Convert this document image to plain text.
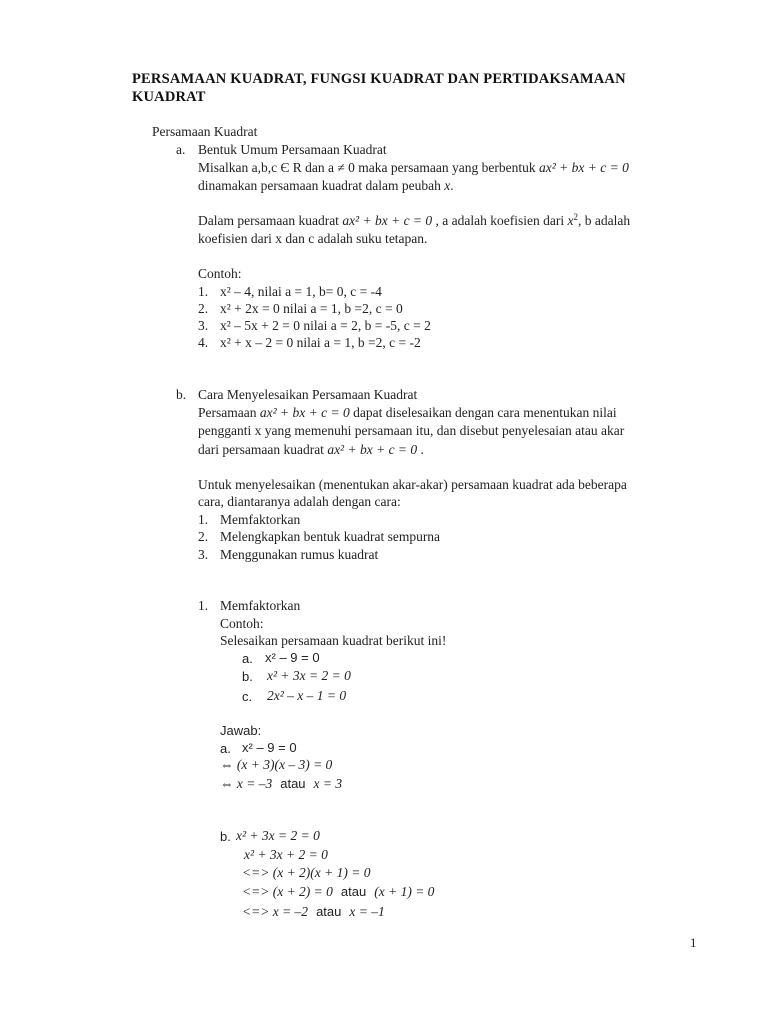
PERSAMAAN KUADRAT, FUNGSI KUADRAT DAN PERTIDAKSAMAAN
KUADRAT
Persamaan Kuadrat
a. Bentuk Umum Persamaan Kuadrat
Misalkan a,b,c Є R dan a ≠ 0 maka persamaan yang berbentuk ax² + bx + c = 0
dinamakan persamaan kuadrat dalam peubah x.
Dalam persamaan kuadrat ax² + bx + c = 0 , a adalah koefisien dari $x^2$, b adalah
koefisien dari x dan c adalah suku tetapan.
Contoh:
1. x² – 4, nilai a = 1, b= 0, c = -4
2. x² + 2x = 0 nilai a = 1, b =2, c = 0
3. x² – 5x + 2 = 0 nilai a = 2, b = -5, c = 2
4. x² + x – 2 = 0 nilai a = 1, b =2, c = -2
b. Cara Menyelesaikan Persamaan Kuadrat
Persamaan ax² + bx + c = 0 dapat diselesaikan dengan cara menentukan nilai
pengganti x yang memenuhi persamaan itu, dan disebut penyelesaian atau akar
dari persamaan kuadrat ax² + bx + c = 0 .
Untuk menyelesaikan (menentukan akar-akar) persamaan kuadrat ada beberapa
cara, diantaranya adalah dengan cara:
1. Memfaktorkan
2. Melengkapkan bentuk kuadrat sempurna
3. Menggunakan rumus kuadrat
1. Memfaktorkan
Contoh:
Selesaikan persamaan kuadrat berikut ini!
a. x² – 9 = 0
b. x² + 3x = 2 = 0
c. 2x² – x – 1 = 0
Jawab:
a. x² – 9 = 0
⇔ (x + 3)(x – 3) = 0
⇔ x = –3 atau x = 3
b. x² + 3x = 2 = 0
x² + 3x + 2 = 0
<=> (x + 2)(x + 1) = 0
<=> (x + 2) = 0 atau (x + 1) = 0
<=> x = –2 atau x = –1
1
